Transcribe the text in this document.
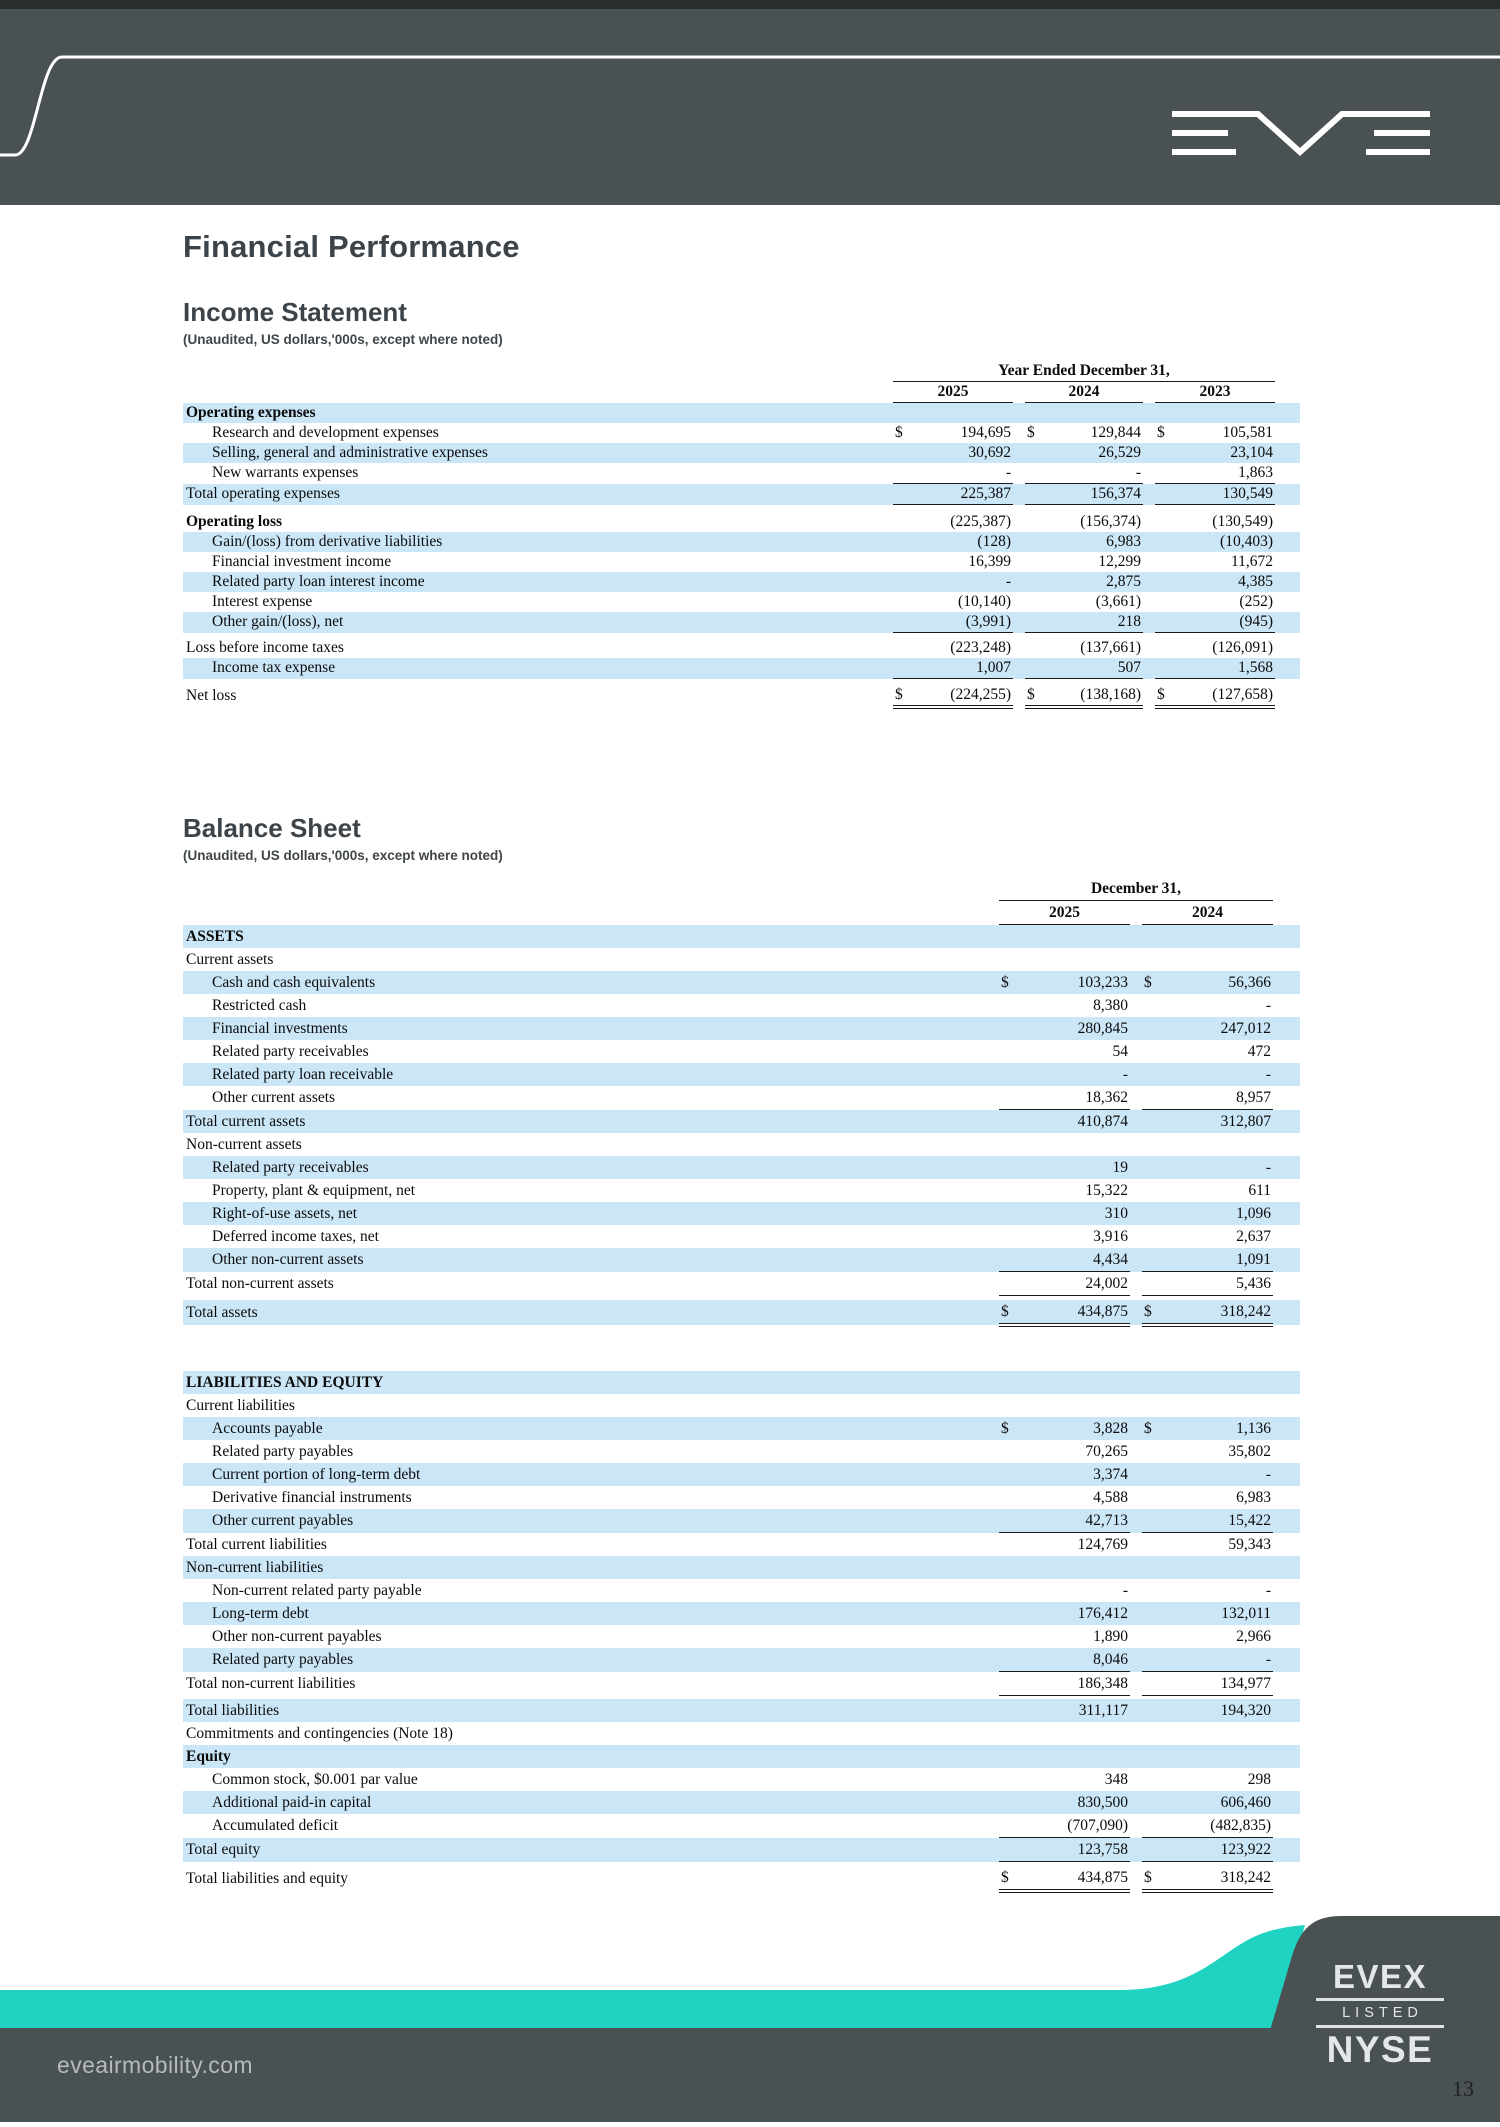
Financial Performance
Income Statement
(Unaudited, US dollars,'000s, except where noted)
	Year Ended December 31,					
	2025		2024		2023	
Operating expenses	

Research and development expenses	$ 194,695		$ 129,844		$ 105,581	

Selling, general and administrative expenses	30,692		26,529		23,104	

New warrants expenses	-		-		1,863	

Total operating expenses	225,387		156,374		130,549	

Operating loss	(225,387)		(156,374)		(130,549)	

Gain/(loss) from derivative liabilities	(128)		6,983		(10,403)	

Financial investment income	16,399		12,299		11,672	

Related party loan interest income	-		2,875		4,385	

Interest expense	(10,140)		(3,661)		(252)	

Other gain/(loss), net	(3,991)		218		(945)	

Loss before income taxes	(223,248)		(137,661)		(126,091)	

Income tax expense	1,007		507		1,568	

Net loss	$ (224,255)		$ (138,168)		$ (127,658)	

Balance Sheet
(Unaudited, US dollars,'000s, except where noted)
	December 31,			
	2025		2024	
ASSETS	

Current assets	

Cash and cash equivalents	$ 103,233		$ 56,366	

Restricted cash	8,380		-	

Financial investments	280,845		247,012	

Related party receivables	54		472	

Related party loan receivable	-		-	

Other current assets	18,362		8,957	

Total current assets	410,874		312,807	

Non-current assets	

Related party receivables	19		-	

Property, plant & equipment, net	15,322		611	

Right-of-use assets, net	310		1,096	

Deferred income taxes, net	3,916		2,637	

Other non-current assets	4,434		1,091	

Total non-current assets	24,002		5,436	

Total assets	$ 434,875		$ 318,242	

LIABILITIES AND EQUITY	

Current liabilities	

Accounts payable	$ 3,828		$ 1,136	

Related party payables	70,265		35,802	

Current portion of long-term debt	3,374		-	

Derivative financial instruments	4,588		6,983	

Other current payables	42,713		15,422	

Total current liabilities	124,769		59,343	

Non-current liabilities	

Non-current related party payable	-		-	

Long-term debt	176,412		132,011	

Other non-current payables	1,890		2,966	

Related party payables	8,046		-	

Total non-current liabilities	186,348		134,977	

Total liabilities	311,117		194,320	

Commitments and contingencies (Note 18)	

Equity	

Common stock, $0.001 par value	348		298	

Additional paid-in capital	830,500		606,460	

Accumulated deficit	(707,090)		(482,835)	

Total equity	123,758		123,922	

Total liabilities and equity	$ 434,875		$ 318,242	

eveairmobility.com
EVEX
LISTED
NYSE
13
